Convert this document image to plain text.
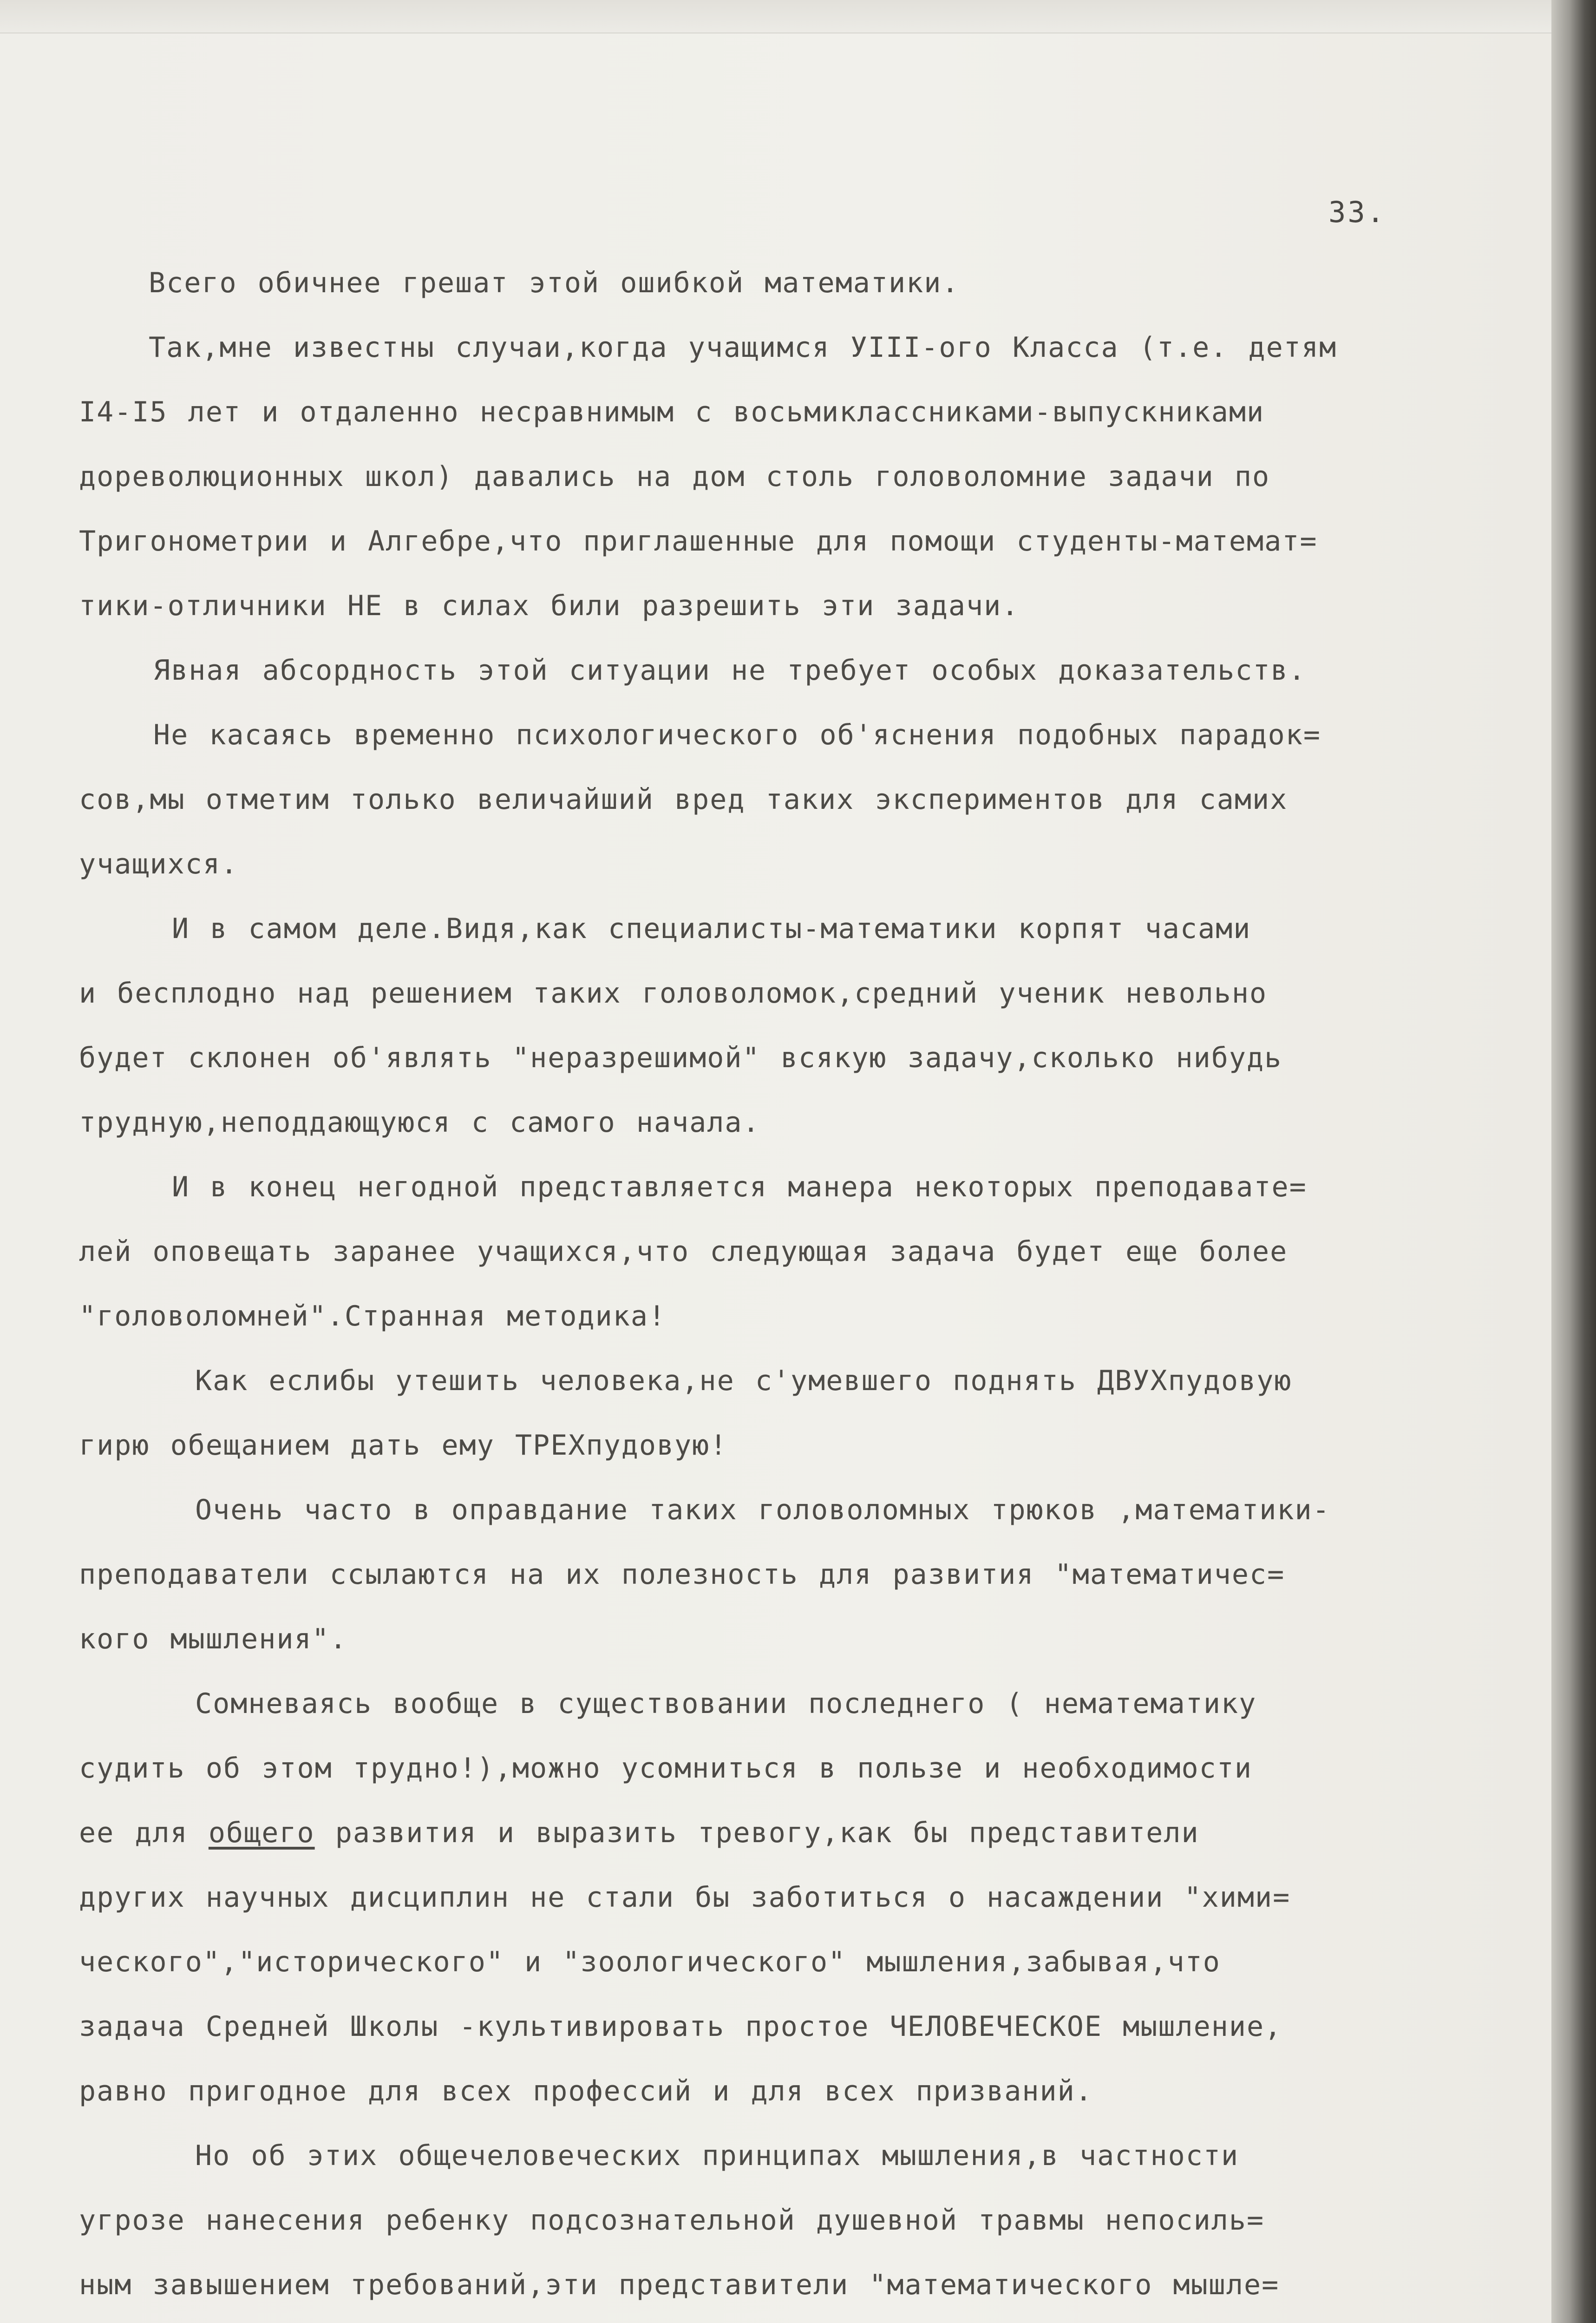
33.
Всего обичнее грешат этой ошибкой математики.
Так,мне известны случаи,когда учащимся УIII-ого Класса (т.е. детям
I4-I5 лет и отдаленно несравнимым с восьмиклассниками-выпускниками
дореволюционных школ) давались на дом столь головоломние задачи по
Тригонометрии и Алгебре,что приглашенные для помощи студенты-математ=
тики-отличники НЕ в силах били разрешить эти задачи.
Явная абсордность этой ситуации не требует особых доказательств.
Не касаясь временно психологического об'яснения подобных парадок=
сов,мы отметим только величайший вред таких экспериментов для самих
учащихся.
И в самом деле.Видя,как специалисты-математики корпят часами
и бесплодно над решением таких головоломок,средний ученик невольно
будет склонен об'являть "неразрешимой" всякую задачу,сколько нибудь
трудную,неподдающуюся с самого начала.
И в конец негодной представляется манера некоторых преподавате=
лей оповещать заранее учащихся,что следующая задача будет еще более
"головоломней".Странная методика!
Как еслибы утешить человека,не с'умевшего поднять ДВУХпудовую
гирю обещанием дать ему ТРЕХпудовую!
Очень часто в оправдание таких головоломных трюков ,математики-
преподаватели ссылаются на их полезность для развития "математичес=
кого мышления".
Сомневаясь вообще в существовании последнего ( нематематику
судить об этом трудно!),можно усомниться в пользе и необходимости
ее для общего развития и выразить тревогу,как бы представители
других научных дисциплин не стали бы заботиться о насаждении "хими=
ческого","исторического" и "зоологического" мышления,забывая,что
задача Средней Школы -культивировать простое ЧЕЛОВЕЧЕСКОЕ мышление,
равно пригодное для всех профессий и для всех призваний.
Но об этих общечеловеческих принципах мышления,в частности
угрозе нанесения ребенку подсознательной душевной травмы непосиль=
ным завышением требований,эти представители "математического мышле=
